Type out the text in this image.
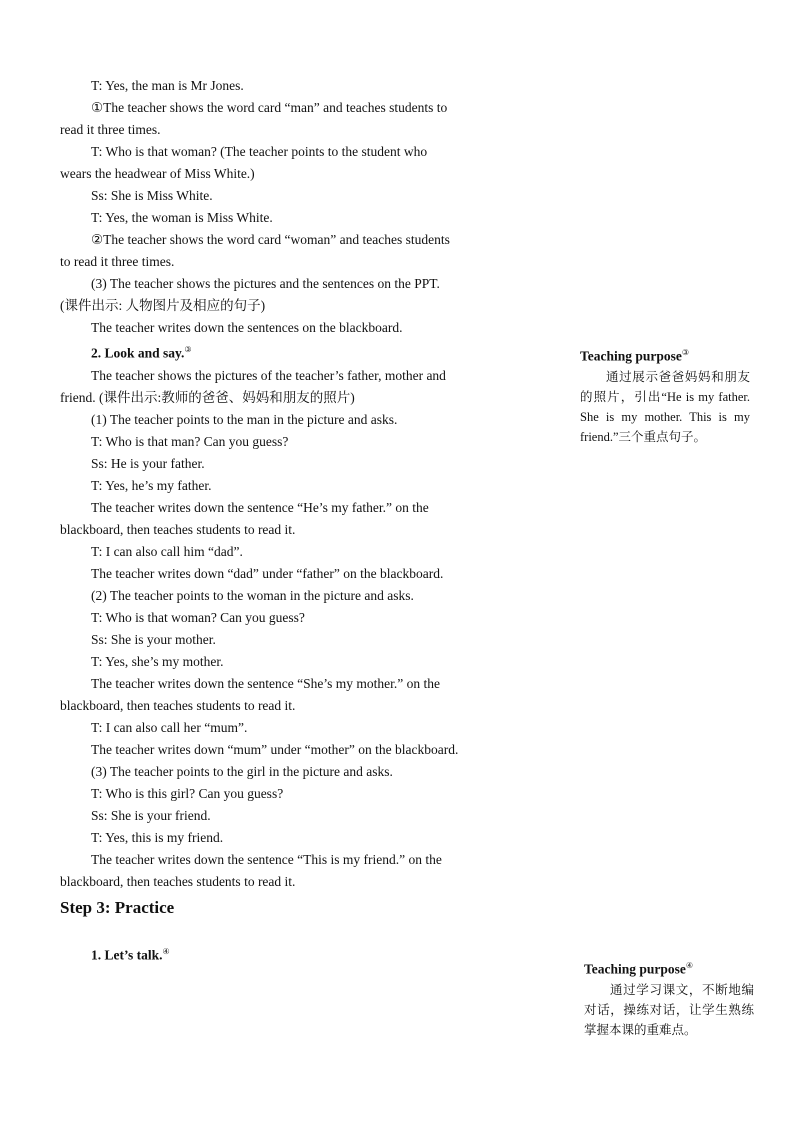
T: Yes, the man is Mr Jones.

①The teacher shows the word card “man” and teaches students to

read it three times.

T: Who is that woman? (The teacher points to the student who

wears the headwear of Miss White.)

Ss: She is Miss White.

T: Yes, the woman is Miss White.

②The teacher shows the word card “woman” and teaches students

to read it three times.

(3) The teacher shows the pictures and the sentences on the PPT.

(课件出示: 人物图片及相应的句子)

The teacher writes down the sentences on the blackboard.

2. Look and say.③

The teacher shows the pictures of the teacher’s father, mother and

friend. (课件出示:教师的爸爸、妈妈和朋友的照片)

(1) The teacher points to the man in the picture and asks.

T: Who is that man? Can you guess?

Ss: He is your father.

T: Yes, he’s my father.

The teacher writes down the sentence “He’s my father.” on the

blackboard, then teaches students to read it.

T: I can also call him “dad”.

The teacher writes down “dad” under “father” on the blackboard.

(2) The teacher points to the woman in the picture and asks.

T: Who is that woman? Can you guess?

Ss: She is your mother.

T: Yes, she’s my mother.

The teacher writes down the sentence “She’s my mother.” on the

blackboard, then teaches students to read it.

T: I can also call her “mum”.

The teacher writes down “mum” under “mother” on the blackboard.

(3) The teacher points to the girl in the picture and asks.

T: Who is this girl? Can you guess?

Ss: She is your friend.

T: Yes, this is my friend.

The teacher writes down the sentence “This is my friend.” on the

blackboard, then teaches students to read it.

Step 3: Practice

1. Let’s talk.④

Teaching purpose③

通过展示爸爸妈妈和朋友的照片，引出“He is my father. She is my mother. This is my friend.”三个重点句子。

Teaching purpose④

通过学习课文，不断地编对话，操练对话，让学生熟练掌握本课的重难点。
